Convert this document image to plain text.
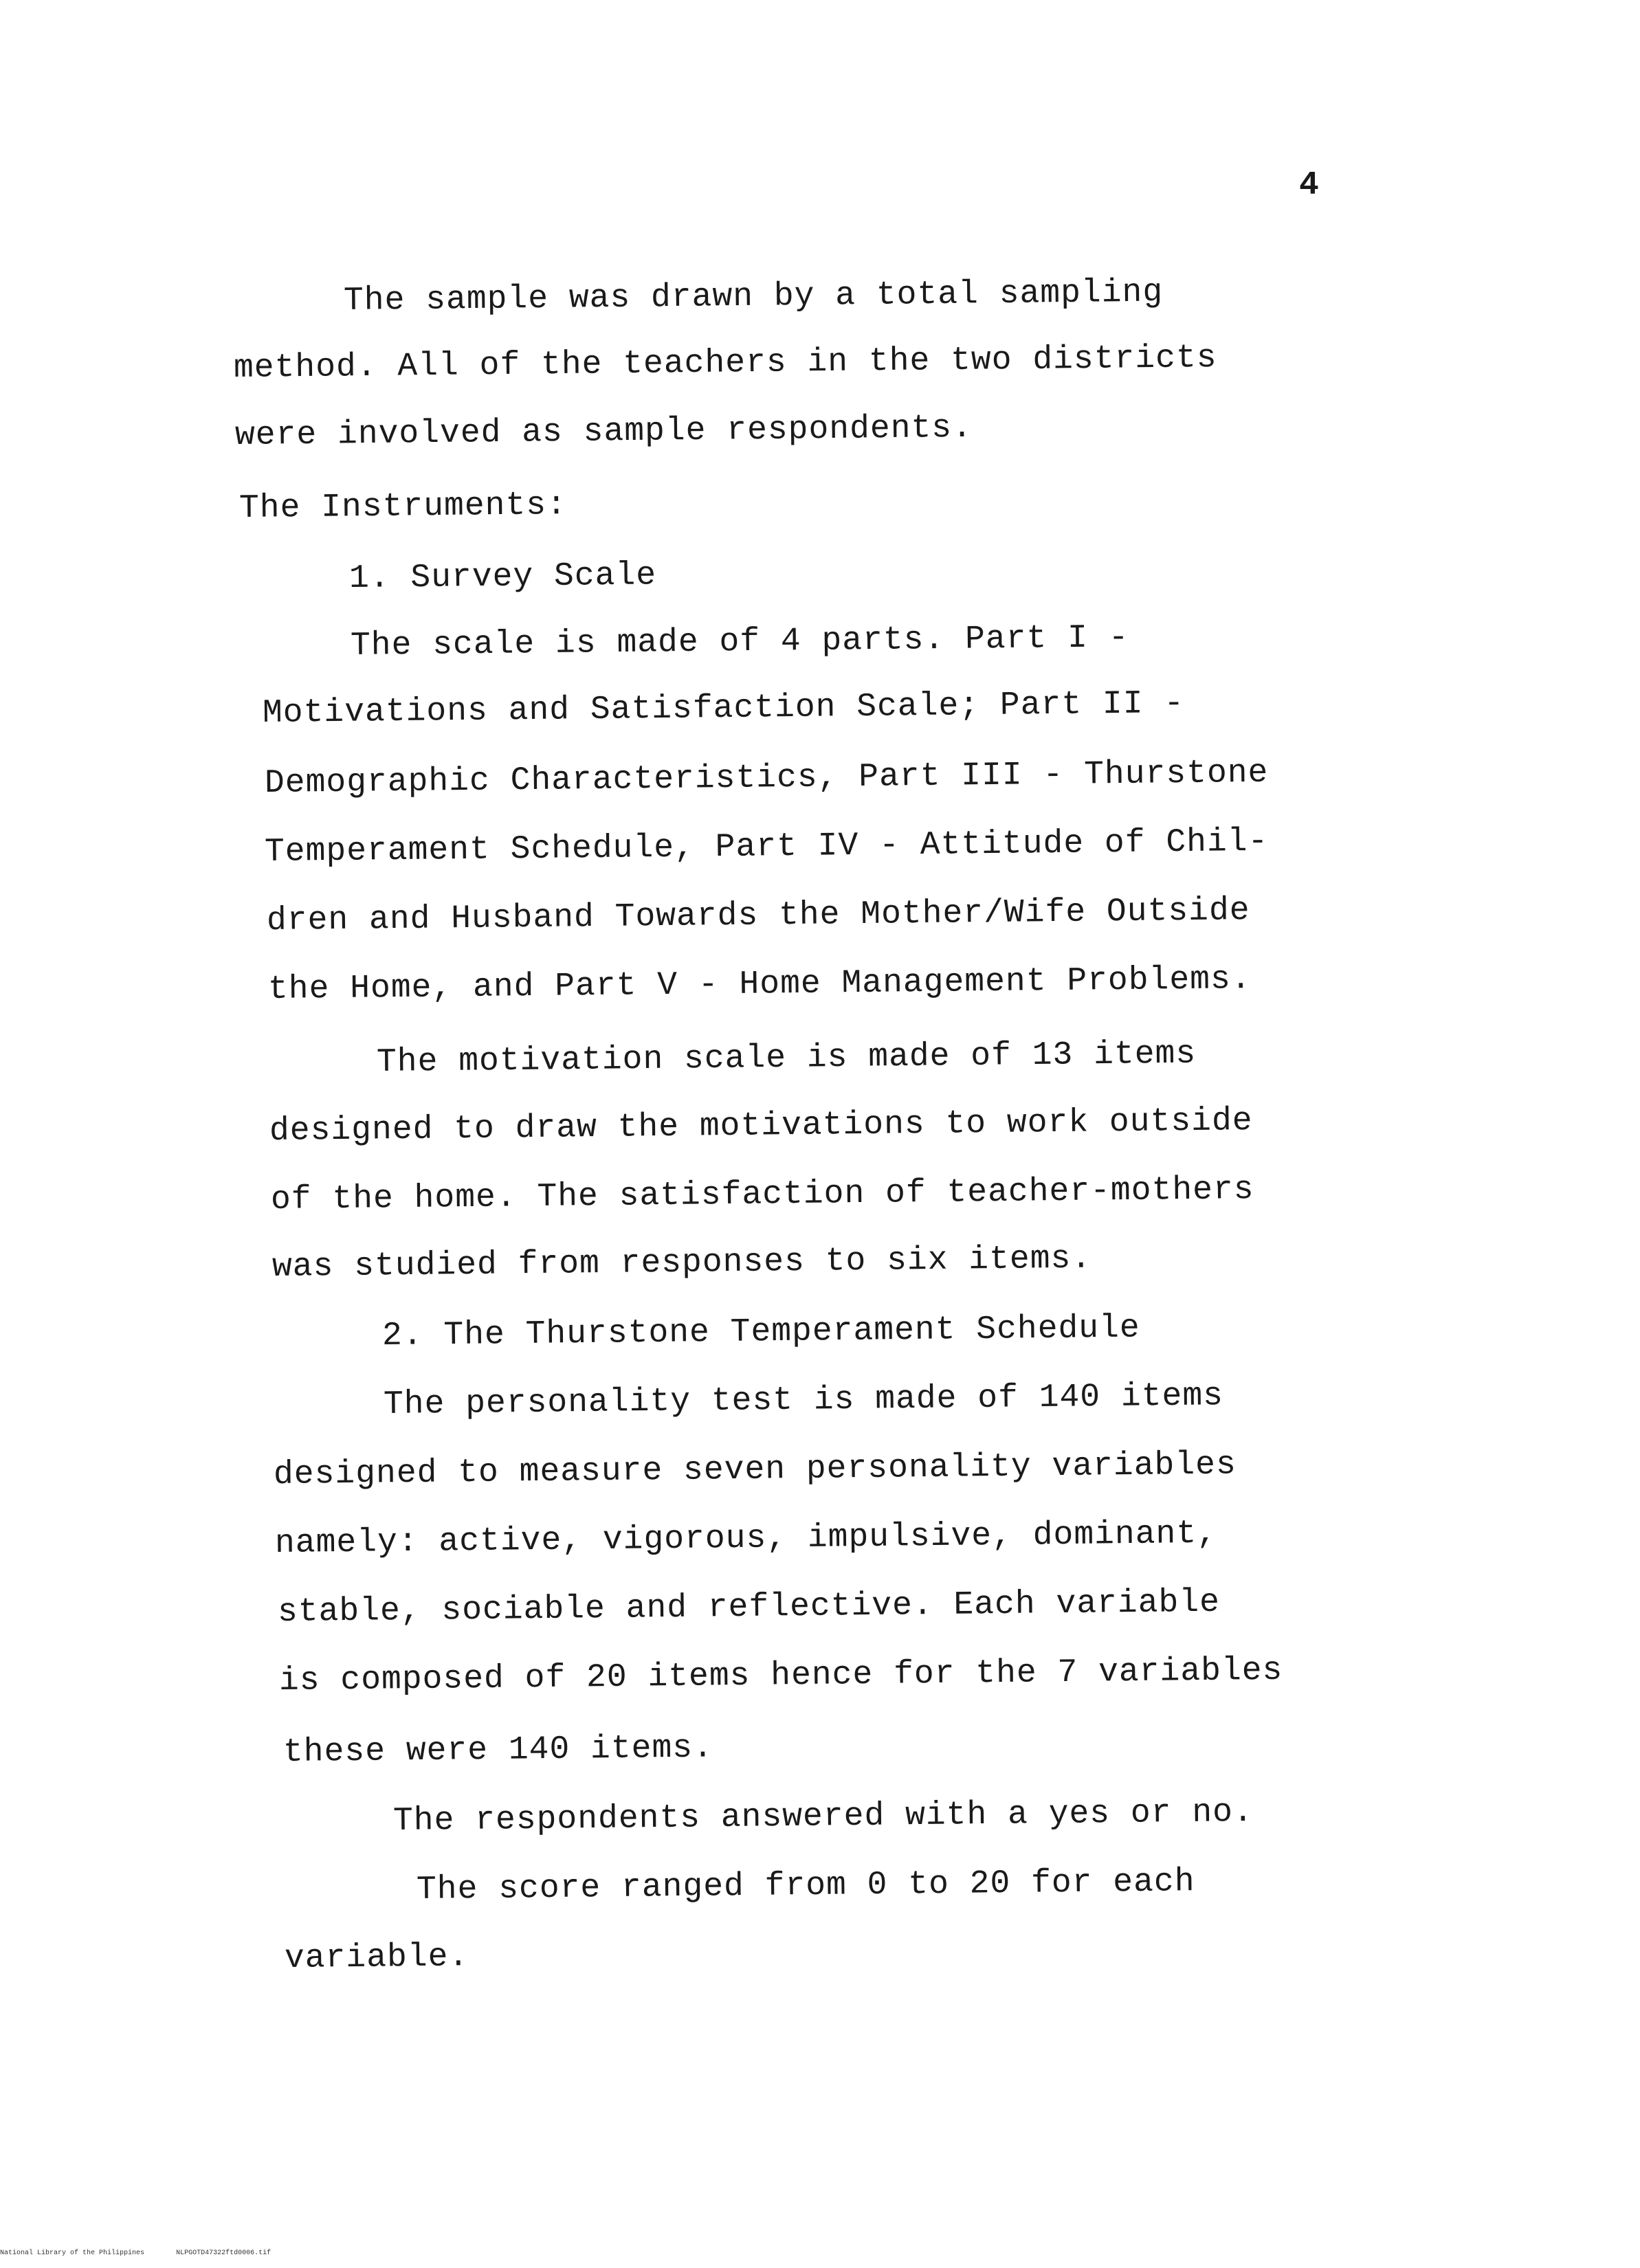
4
The sample was drawn by a total sampling
method. All of the teachers in the two districts
were involved as sample respondents.
The Instruments:
1. Survey Scale
The scale is made of 4 parts. Part I -
Motivations and Satisfaction Scale; Part II -
Demographic Characteristics, Part III - Thurstone
Temperament Schedule, Part IV - Attitude of Chil-
dren and Husband Towards the Mother/Wife Outside
the Home, and Part V - Home Management Problems.
The motivation scale is made of 13 items
designed to draw the motivations to work outside
of the home. The satisfaction of teacher-mothers
was studied from responses to six items.
2. The Thurstone Temperament Schedule
The personality test is made of 140 items
designed to measure seven personality variables
namely: active, vigorous, impulsive, dominant,
stable, sociable and reflective. Each variable
is composed of 20 items hence for the 7 variables
these were 140 items.
The respondents answered with a yes or no.
The score ranged from 0 to 20 for each
variable.
National Library of the Philippines	NLPGOTD47322ftd0006.tif
